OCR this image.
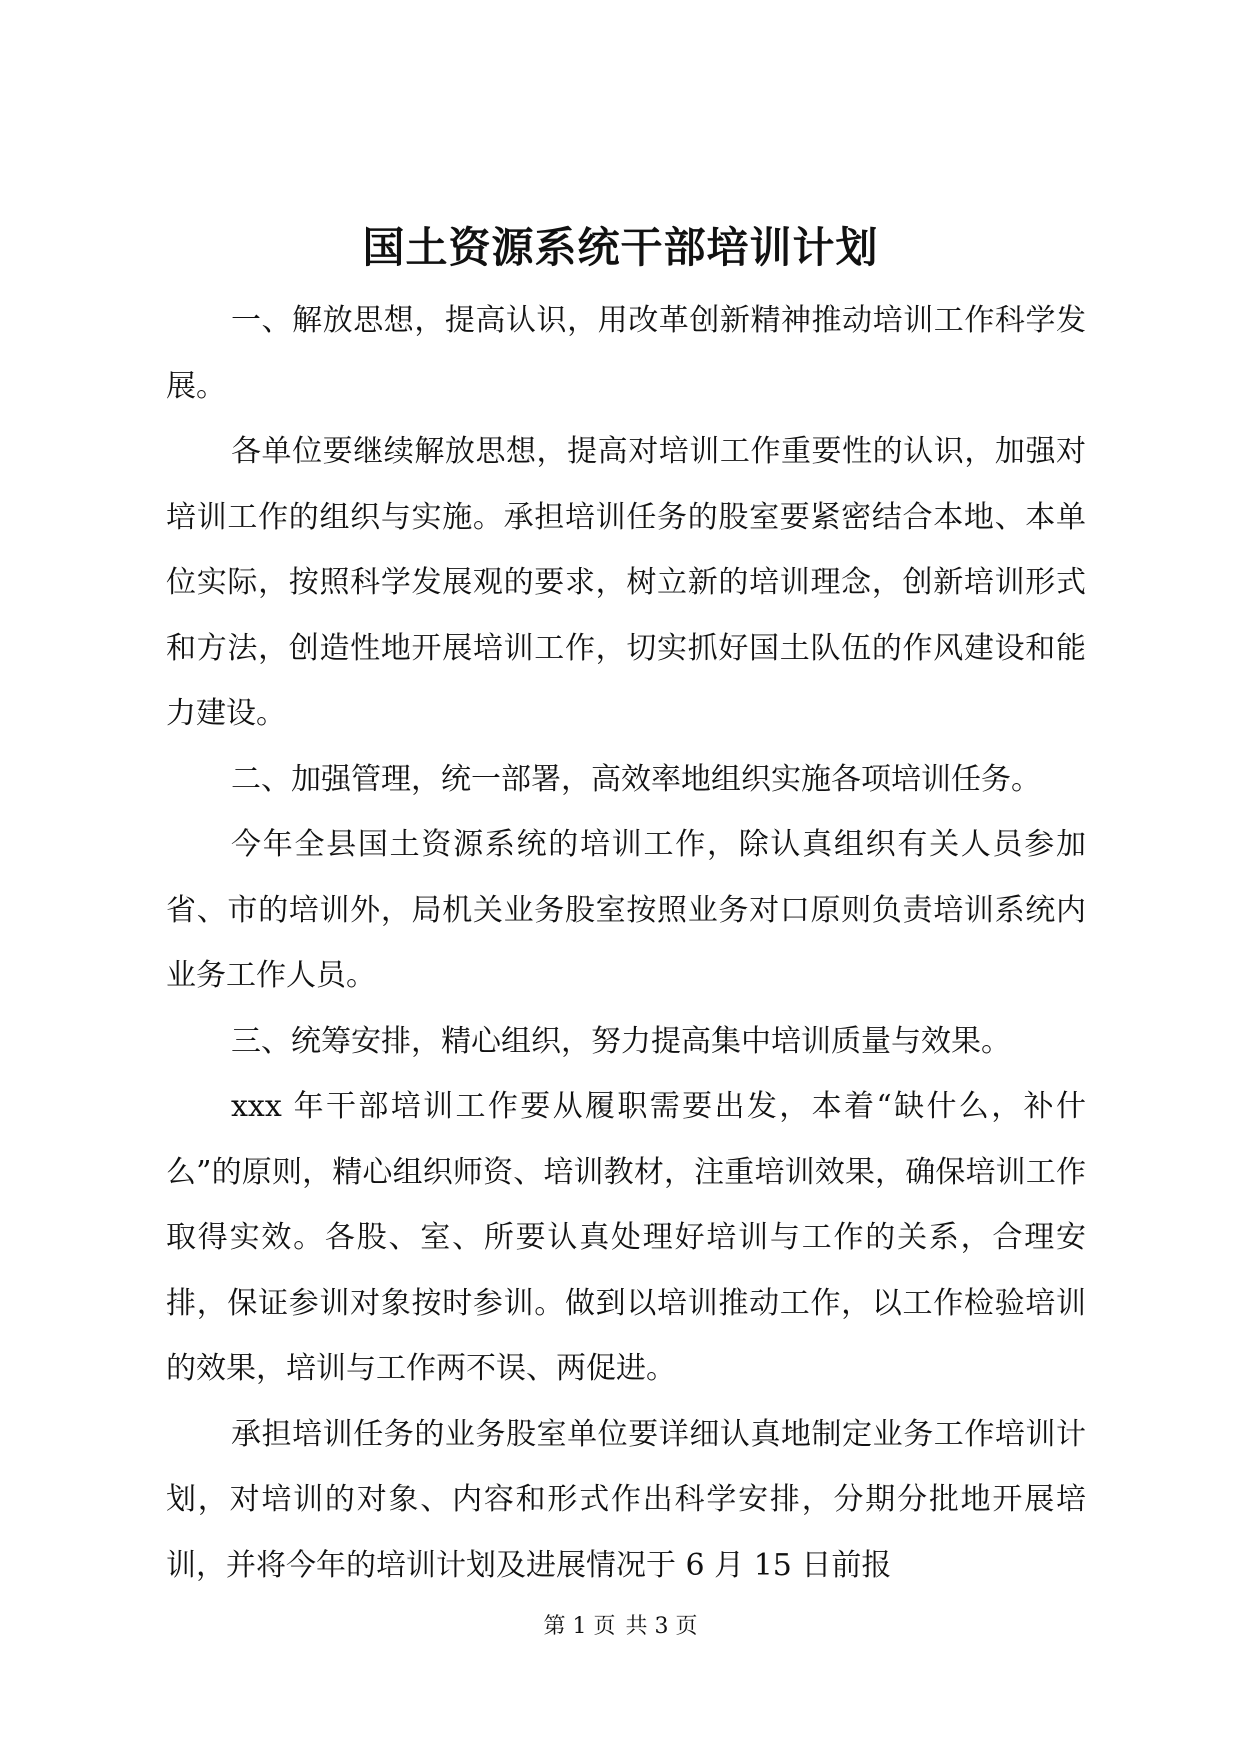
国土资源系统干部培训计划

一、解放思想，提高认识，用改革创新精神推动培训工作科学发展。

各单位要继续解放思想，提高对培训工作重要性的认识，加强对培训工作的组织与实施。承担培训任务的股室要紧密结合本地、本单位实际，按照科学发展观的要求，树立新的培训理念，创新培训形式和方法，创造性地开展培训工作，切实抓好国土队伍的作风建设和能力建设。

二、加强管理，统一部署，高效率地组织实施各项培训任务。

今年全县国土资源系统的培训工作，除认真组织有关人员参加省、市的培训外，局机关业务股室按照业务对口原则负责培训系统内业务工作人员。

三、统筹安排，精心组织，努力提高集中培训质量与效果。

xxx 年干部培训工作要从履职需要出发，本着“缺什么，补什么”的原则，精心组织师资、培训教材，注重培训效果，确保培训工作取得实效。各股、室、所要认真处理好培训与工作的关系，合理安排，保证参训对象按时参训。做到以培训推动工作，以工作检验培训的效果，培训与工作两不误、两促进。

承担培训任务的业务股室单位要详细认真地制定业务工作培训计划，对培训的对象、内容和形式作出科学安排，分期分批地开展培训，并将今年的培训计划及进展情况于 6 月 15 日前报

第 1 页 共 3 页
